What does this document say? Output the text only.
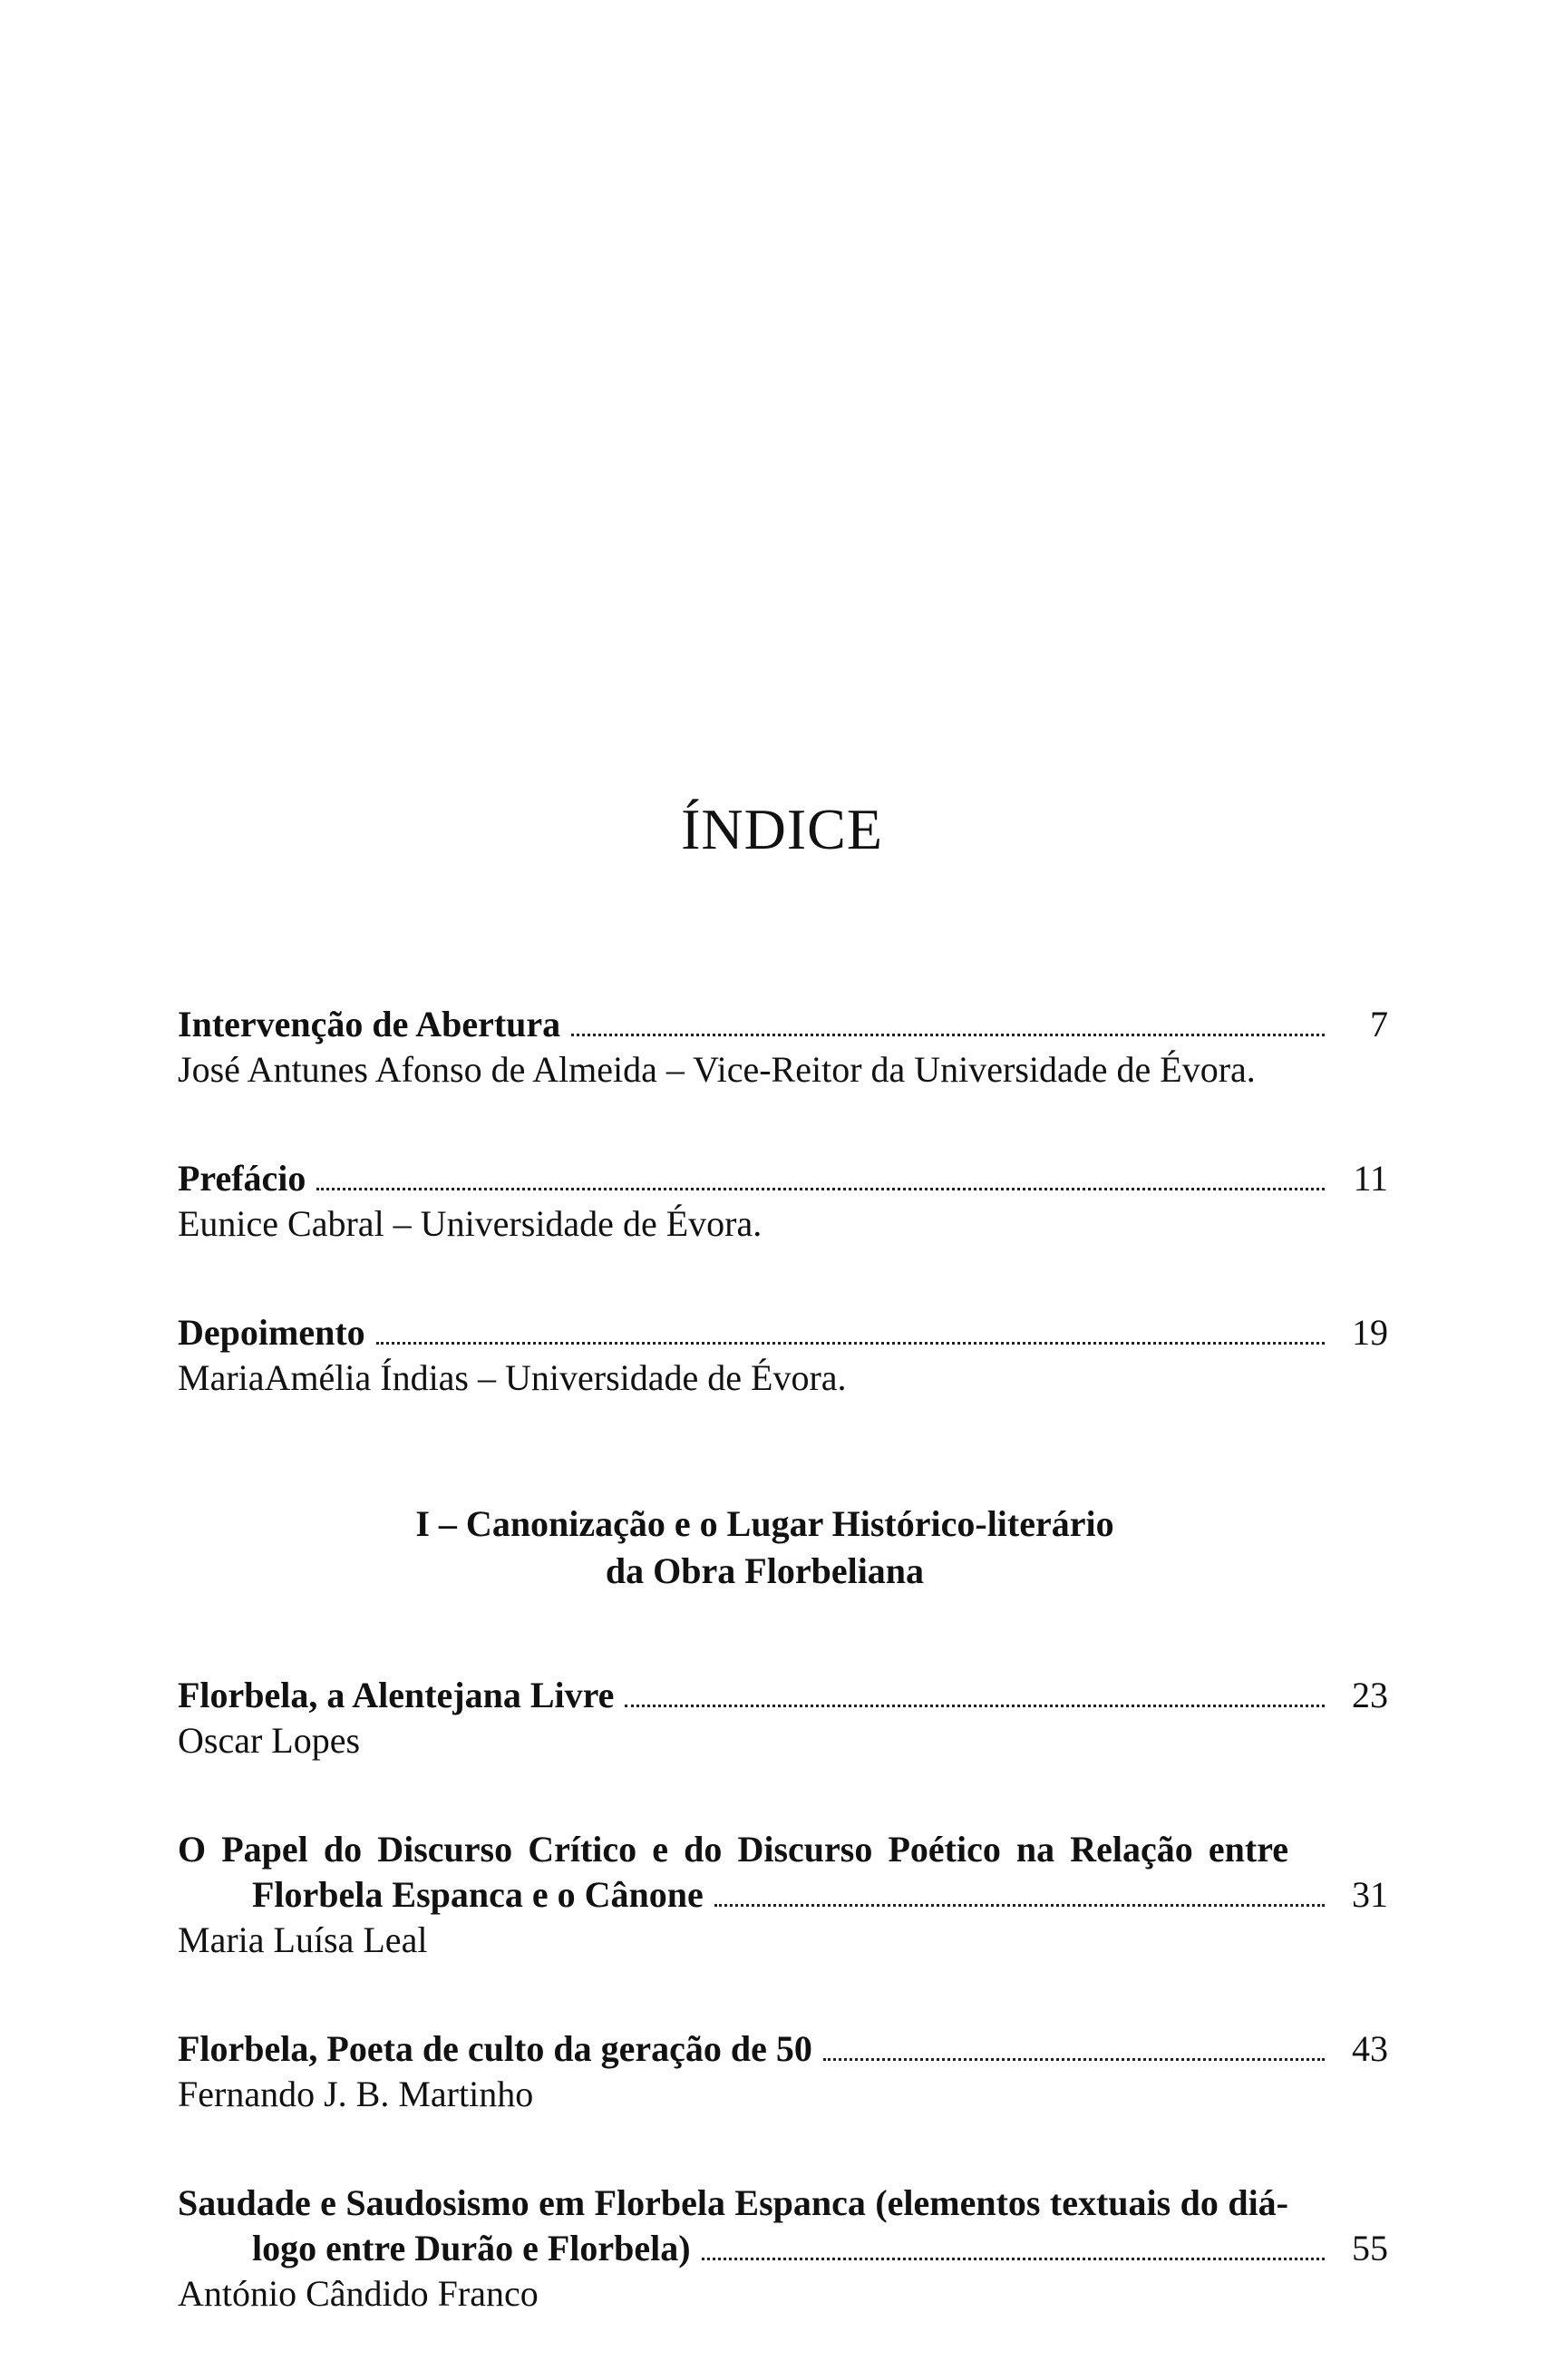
ÍNDICE
Intervenção de Abertura	7
José Antunes Afonso de Almeida – Vice-Reitor da Universidade de Évora.
Prefácio	11
Eunice Cabral – Universidade de Évora.
Depoimento	19
MariaAmélia Índias – Universidade de Évora.
I – Canonização e o Lugar Histórico-literário
da Obra Florbeliana
Florbela, a Alentejana Livre	23
Oscar Lopes
O Papel do Discurso Crítico e do Discurso Poético na Relação entre
Florbela Espanca e o Cânone	31
Maria Luísa Leal
Florbela, Poeta de culto da geração de 50	43
Fernando J. B. Martinho
Saudade e Saudosismo em Florbela Espanca (elementos textuais do diá-
logo entre Durão e Florbela)	55
António Cândido Franco
